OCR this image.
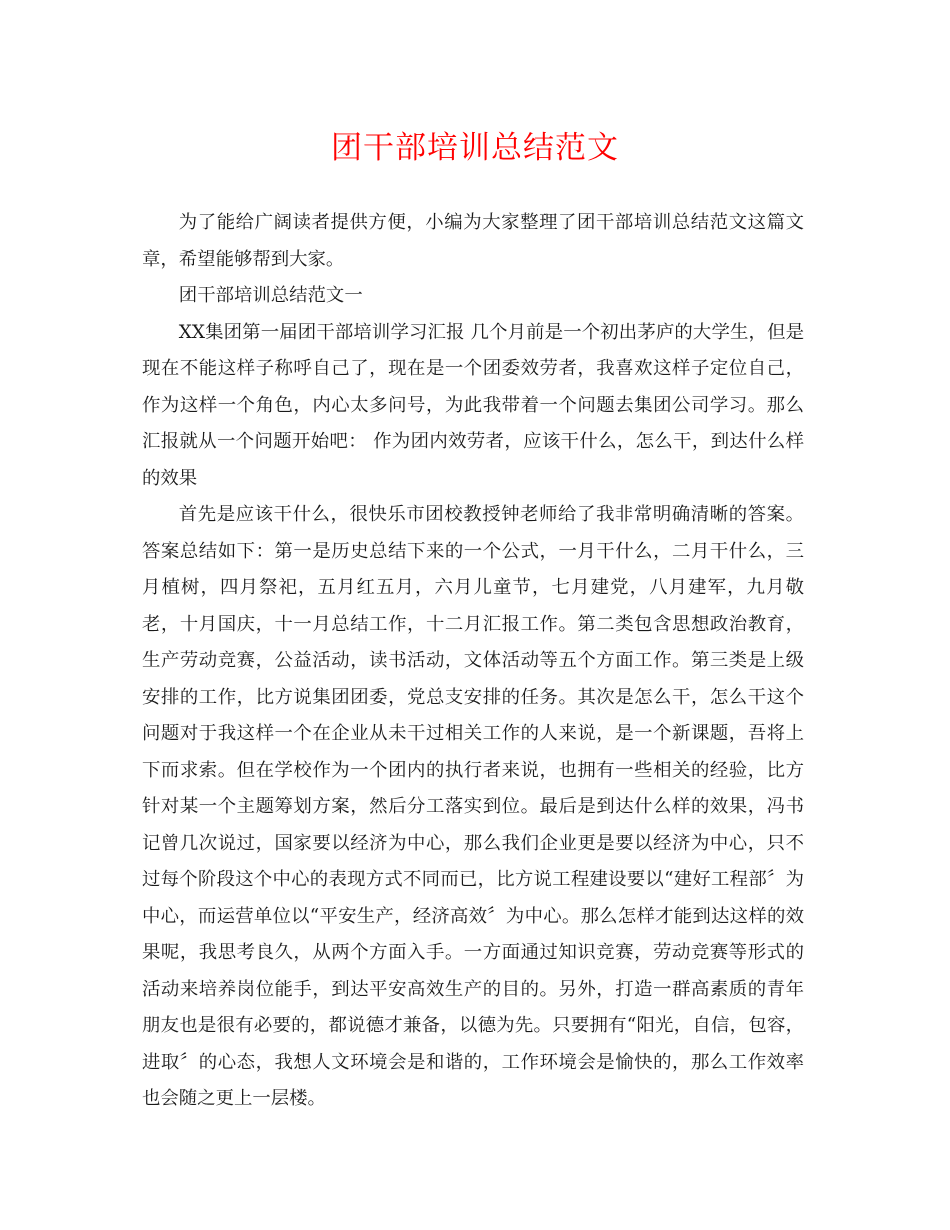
团干部培训总结范文

为了能给广阔读者提供方便，小编为大家整理了团干部培训总结范文这篇文章，希望能够帮到大家。

团干部培训总结范文一

XX集团第一届团干部培训学习汇报 几个月前是一个初出茅庐的大学生，但是现在不能这样子称呼自己了，现在是一个团委效劳者，我喜欢这样子定位自己，作为这样一个角色，内心太多问号，为此我带着一个问题去集团公司学习。那么汇报就从一个问题开始吧： 作为团内效劳者，应该干什么，怎么干，到达什么样的效果

首先是应该干什么，很快乐市团校教授钟老师给了我非常明确清晰的答案。答案总结如下：第一是历史总结下来的一个公式，一月干什么，二月干什么，三月植树，四月祭祀，五月红五月，六月儿童节，七月建党，八月建军，九月敬老，十月国庆，十一月总结工作，十二月汇报工作。第二类包含思想政治教育，生产劳动竞赛，公益活动，读书活动，文体活动等五个方面工作。第三类是上级安排的工作，比方说集团团委，党总支安排的任务。其次是怎么干，怎么干这个问题对于我这样一个在企业从未干过相关工作的人来说，是一个新课题，吾将上下而求索。但在学校作为一个团内的执行者来说，也拥有一些相关的经验，比方针对某一个主题筹划方案，然后分工落实到位。最后是到达什么样的效果，冯书记曾几次说过，国家要以经济为中心，那么我们企业更是要以经济为中心，只不过每个阶段这个中心的表现方式不同而已，比方说工程建设要以“建好工程部〞为中心，而运营单位以“平安生产，经济高效〞为中心。那么怎样才能到达这样的效果呢，我思考良久，从两个方面入手。一方面通过知识竞赛，劳动竞赛等形式的活动来培养岗位能手，到达平安高效生产的目的。另外，打造一群高素质的青年朋友也是很有必要的，都说德才兼备，以德为先。只要拥有“阳光，自信，包容，进取〞的心态，我想人文环境会是和谐的，工作环境会是愉快的，那么工作效率也会随之更上一层楼。
